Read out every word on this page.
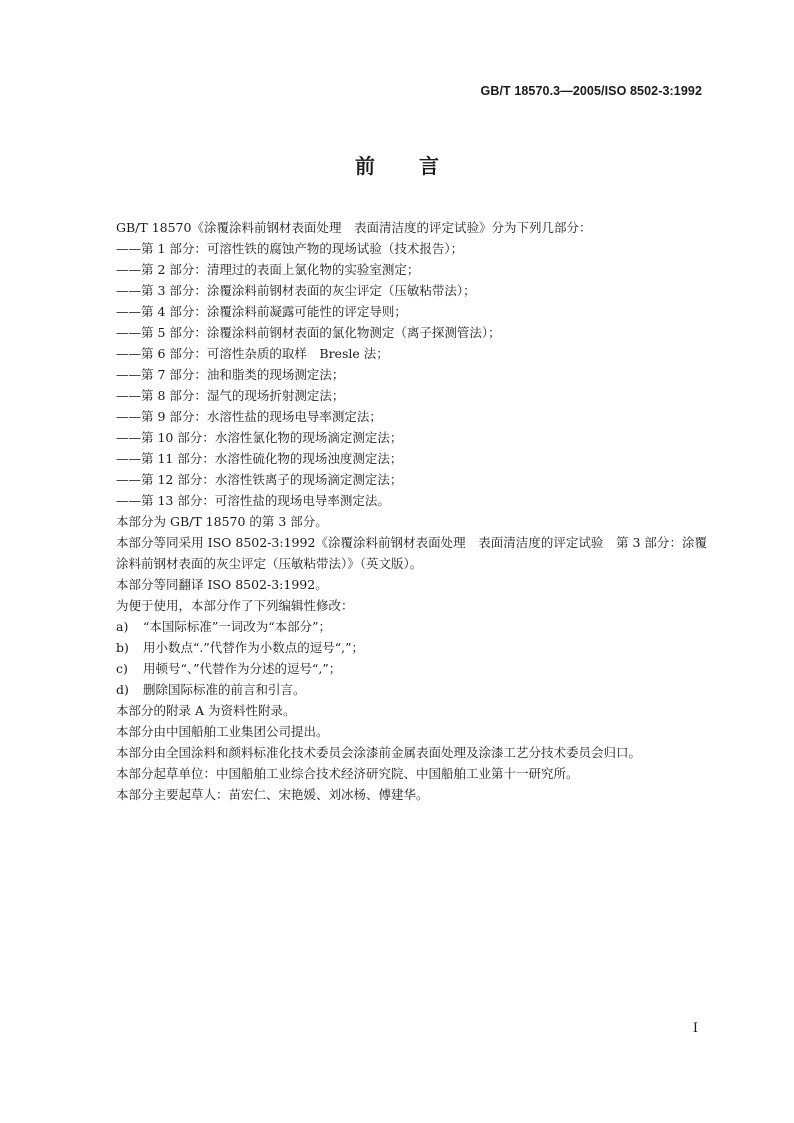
GB/T 18570.3—2005/ISO 8502-3:1992
前言
GB/T 18570《涂覆涂料前钢材表面处理　表面清洁度的评定试验》分为下列几部分：
——第 1 部分：可溶性铁的腐蚀产物的现场试验（技术报告）；
——第 2 部分：清理过的表面上氯化物的实验室测定；
——第 3 部分：涂覆涂料前钢材表面的灰尘评定（压敏粘带法）；
——第 4 部分：涂覆涂料前凝露可能性的评定导则；
——第 5 部分：涂覆涂料前钢材表面的氯化物测定（离子探测管法）；
——第 6 部分：可溶性杂质的取样　Bresle 法；
——第 7 部分：油和脂类的现场测定法；
——第 8 部分：湿气的现场折射测定法；
——第 9 部分：水溶性盐的现场电导率测定法；
——第 10 部分：水溶性氯化物的现场滴定测定法；
——第 11 部分：水溶性硫化物的现场浊度测定法；
——第 12 部分：水溶性铁离子的现场滴定测定法；
——第 13 部分：可溶性盐的现场电导率测定法。
本部分为 GB/T 18570 的第 3 部分。
本部分等同采用 ISO 8502-3:1992《涂覆涂料前钢材表面处理　表面清洁度的评定试验　第 3 部分：涂覆涂料前钢材表面的灰尘评定（压敏粘带法）》（英文版）。
本部分等同翻译 ISO 8502-3:1992。
为便于使用，本部分作了下列编辑性修改：
a) “本国际标准”一词改为“本部分”；
b) 用小数点“.”代替作为小数点的逗号“,”；
c) 用顿号“、”代替作为分述的逗号“,”；
d) 删除国际标准的前言和引言。
本部分的附录 A 为资料性附录。
本部分由中国船舶工业集团公司提出。
本部分由全国涂料和颜料标准化技术委员会涂漆前金属表面处理及涂漆工艺分技术委员会归口。
本部分起草单位：中国船舶工业综合技术经济研究院、中国船舶工业第十一研究所。
本部分主要起草人：苗宏仁、宋艳媛、刘冰杨、傅建华。
I
